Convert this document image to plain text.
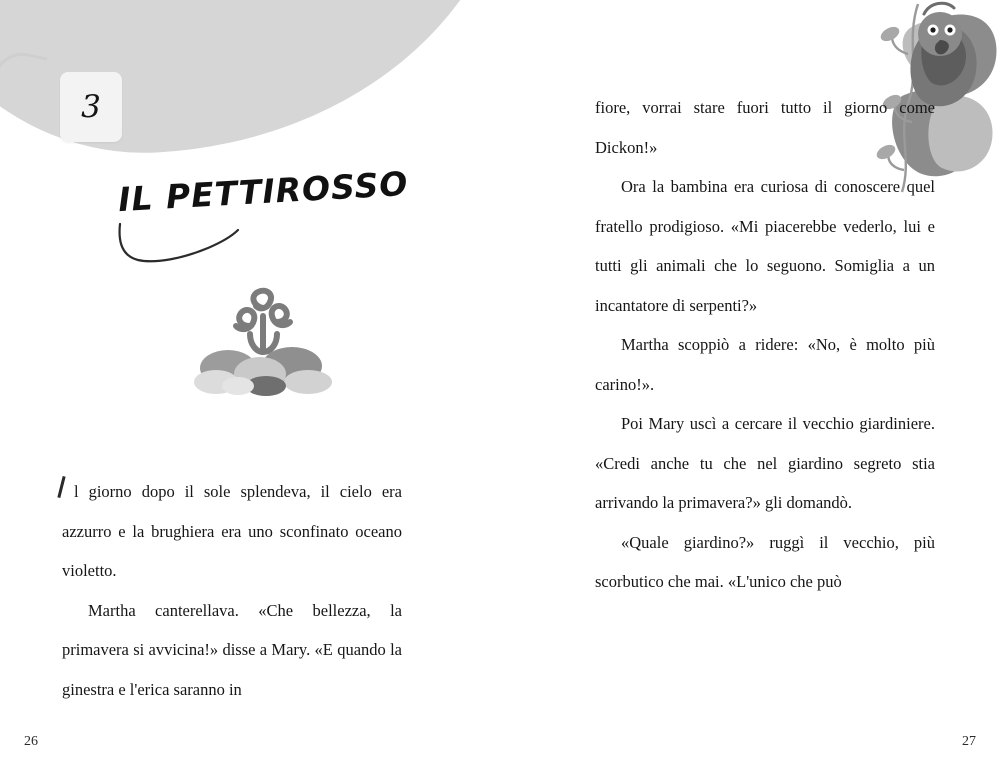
3
IL PETTIROSSO

l giorno dopo il sole splendeva, il cielo era azzurro e la brughiera era uno sconfinato oceano violetto.

Martha canterellava. «Che bellezza, la primavera si avvicina!» disse a Mary. «E quando la ginestra e l'erica saranno in

fiore, vorrai stare fuori tutto il giorno come Dickon!»

Ora la bambina era curiosa di conoscere quel fratello prodigioso. «Mi piacerebbe vederlo, lui e tutti gli animali che lo seguono. Somiglia a un incantatore di serpenti?»

Martha scoppiò a ridere: «No, è molto più carino!».

Poi Mary uscì a cercare il vecchio giardiniere. «Credi anche tu che nel giardino segreto stia arrivando la primavera?» gli domandò.

«Quale giardino?» ruggì il vecchio, più scorbutico che mai. «L'unico che può

26	27
